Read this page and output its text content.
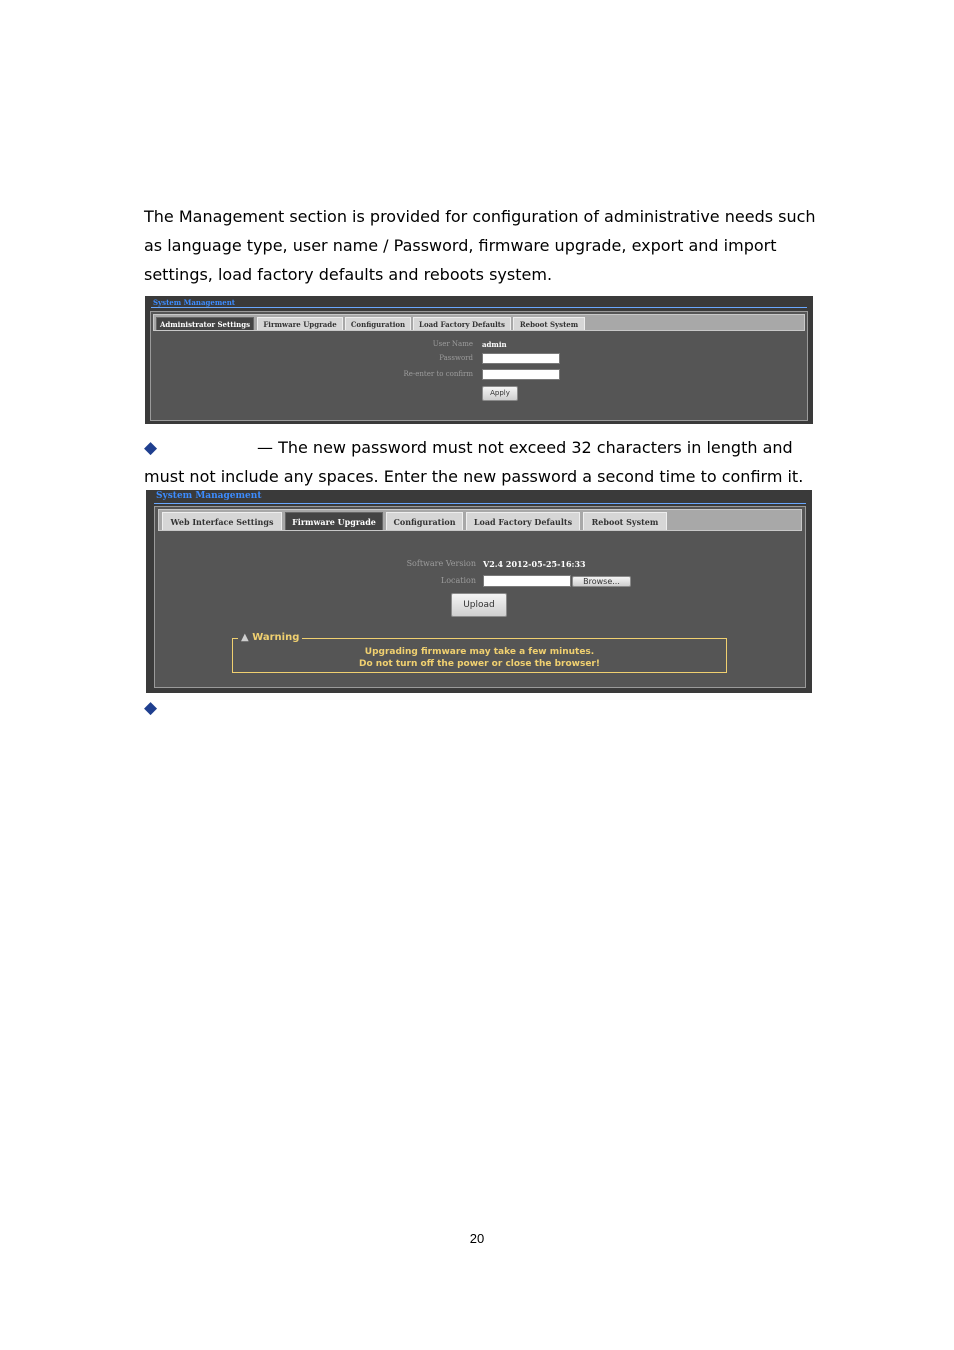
The Management section is provided for configuration of administrative needs such as language type, user name / Password, firmware upgrade, export and import settings, load factory defaults and reboots system.

System Management
Administrator Settings	Firmware Upgrade	Configuration	Load Factory Defaults	Reboot System
User Name admin
Password
Re-enter to confirm
Apply
◆	— The new password must not exceed 32 characters in length and must not include any spaces. Enter the new password a second time to confirm it.

System Management
Web Interface Settings	Firmware Upgrade	Configuration	Load Factory Defaults	Reboot System
Software Version V2.4 2012-05-25-16:33
Location	Browse...
Upload
▲ Warning
Upgrading firmware may take a few minutes.
Do not turn off the power or close the browser!
◆
20
